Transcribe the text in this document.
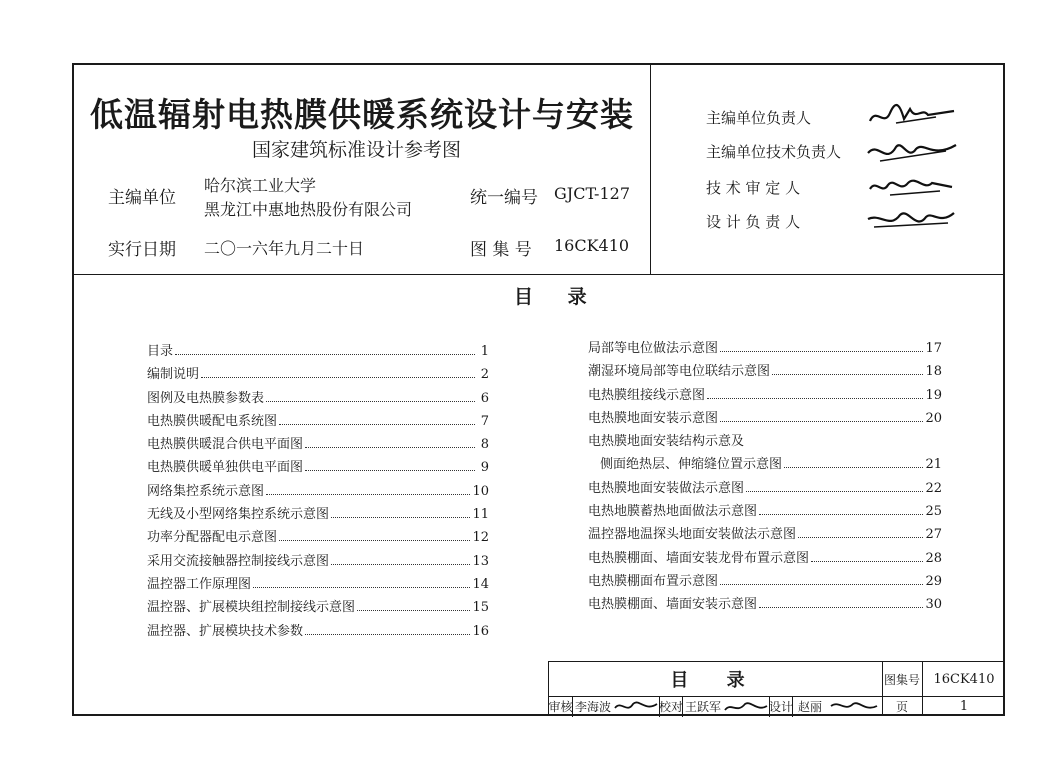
低温辐射电热膜供暖系统设计与安装
国家建筑标准设计参考图
主编单位
哈尔滨工业大学
黑龙江中惠地热股份有限公司
统一编号 GJCT-127
实行日期 二〇一六年九月二十日	图 集 号 16CK410
主编单位负责人
主编单位技术负责人
技 术 审 定 人
设 计 负 责 人
目 录
目录	1
编制说明	2
图例及电热膜参数表	6
电热膜供暖配电系统图	7
电热膜供暖混合供电平面图	8
电热膜供暖单独供电平面图	9
网络集控系统示意图	10
无线及小型网络集控系统示意图	11
功率分配器配电示意图	12
采用交流接触器控制接线示意图	13
温控器工作原理图	14
温控器、扩展模块组控制接线示意图	15
温控器、扩展模块技术参数	16
局部等电位做法示意图	17
潮湿环境局部等电位联结示意图	18
电热膜组接线示意图	19
电热膜地面安装示意图	20
电热膜地面安装结构示意及
侧面绝热层、伸缩缝位置示意图	21
电热膜地面安装做法示意图	22
电热地膜蓄热地面做法示意图	25
温控器地温探头地面安装做法示意图	27
电热膜棚面、墙面安装龙骨布置示意图	28
电热膜棚面布置示意图	29
电热膜棚面、墙面安装示意图	30
目 录	图集号	16CK410
审核 李海波	校对 王跃军	设计 赵丽	页	1
